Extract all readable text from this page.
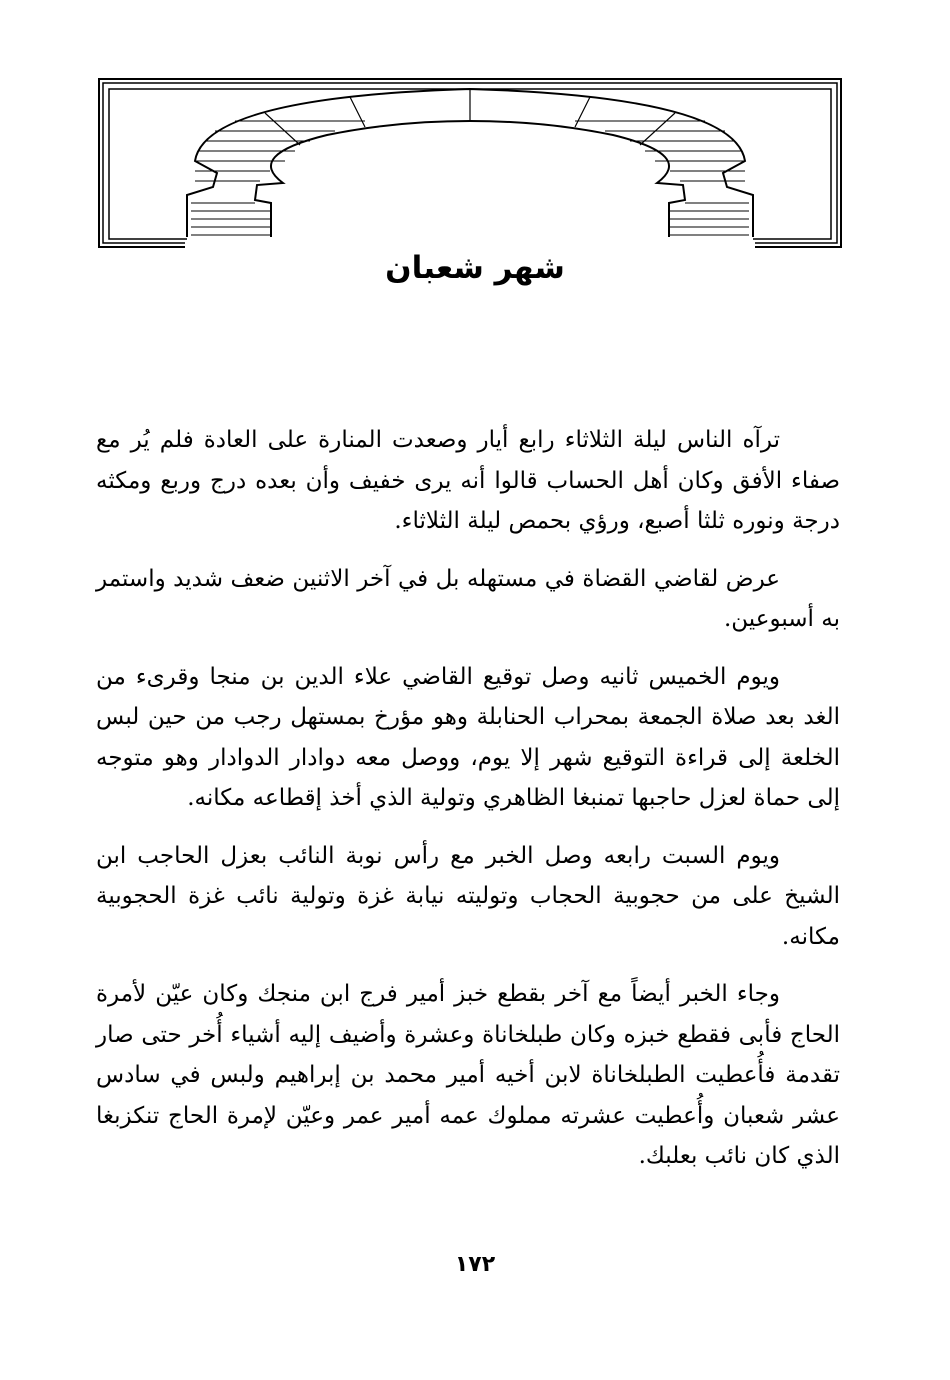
شهر شعبان

ترآه الناس ليلة الثلاثاء رابع أيار وصعدت المنارة على العادة فلم يُر مع صفاء الأفق وكان أهل الحساب قالوا أنه يرى خفيف وأن بعده درج وربع ومكثه درجة ونوره ثلثا أصبع، ورؤي بحمص ليلة الثلاثاء.

عرض لقاضي القضاة في مستهله بل في آخر الاثنين ضعف شديد واستمر به أسبوعين.

ويوم الخميس ثانيه وصل توقيع القاضي علاء الدين بن منجا وقرىء من الغد بعد صلاة الجمعة بمحراب الحنابلة وهو مؤرخ بمستهل رجب من حين لبس الخلعة إلى قراءة التوقيع شهر إلا يوم، ووصل معه دوادار الدوادار وهو متوجه إلى حماة لعزل حاجبها تمنبغا الظاهري وتولية الذي أخذ إقطاعه مكانه.

ويوم السبت رابعه وصل الخبر مع رأس نوبة النائب بعزل الحاجب ابن الشيخ على من حجوبية الحجاب وتوليته نيابة غزة وتولية نائب غزة الحجوبية مكانه.

وجاء الخبر أيضاً مع آخر بقطع خبز أمير فرج ابن منجك وكان عيّن لأمرة الحاج فأبى فقطع خبزه وكان طبلخاناة وعشرة وأضيف إليه أشياء أُخر حتى صار تقدمة فأُعطيت الطبلخاناة لابن أخيه أمير محمد بن إبراهيم ولبس في سادس عشر شعبان وأُعطيت عشرته مملوك عمه أمير عمر وعيّن لإمرة الحاج تنكزبغا الذي كان نائب بعلبك.

١٧٢
